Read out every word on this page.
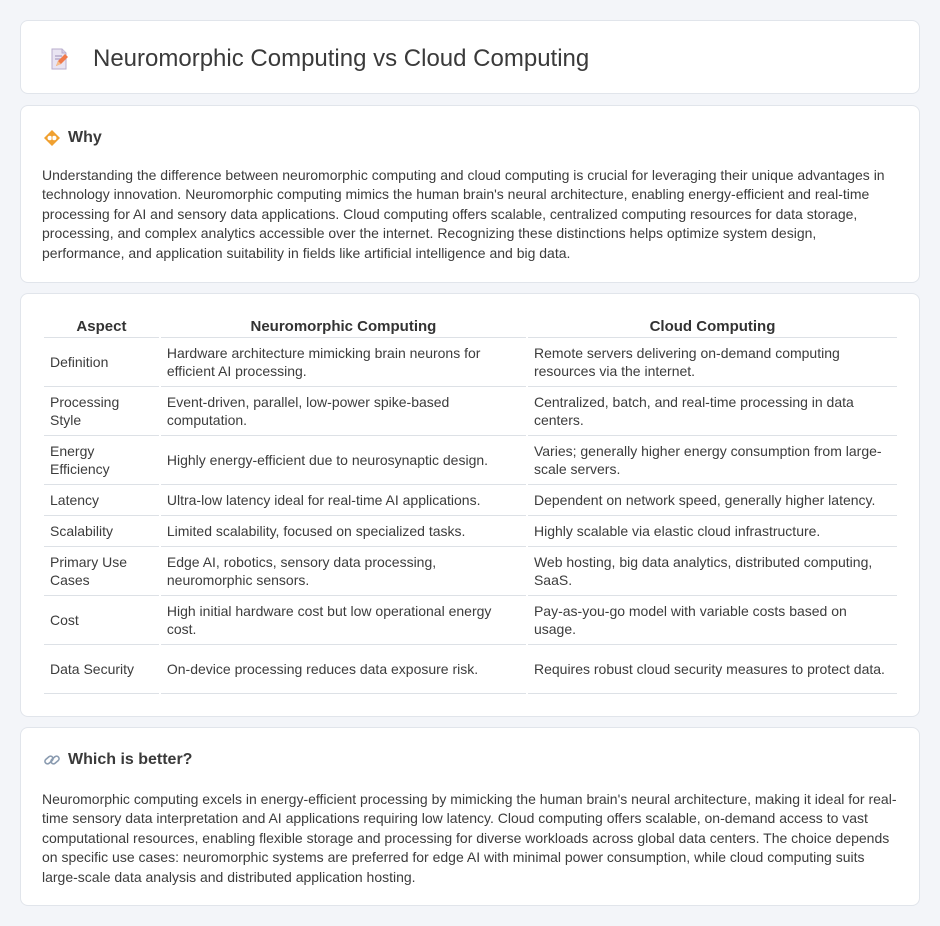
Neuromorphic Computing vs Cloud Computing
Why

Understanding the difference between neuromorphic computing and cloud computing is crucial for leveraging their unique advantages in technology innovation. Neuromorphic computing mimics the human brain's neural architecture, enabling energy-efficient and real-time processing for AI and sensory data applications. Cloud computing offers scalable, centralized computing resources for data storage, processing, and complex analytics accessible over the internet. Recognizing these distinctions helps optimize system design, performance, and application suitability in fields like artificial intelligence and big data.

Aspect	Neuromorphic Computing	Cloud Computing
Definition	Hardware architecture mimicking brain neurons for efficient AI processing.	Remote servers delivering on-demand computing resources via the internet.
Processing Style	Event-driven, parallel, low-power spike-based computation.	Centralized, batch, and real-time processing in data centers.
Energy Efficiency	Highly energy-efficient due to neurosynaptic design.	Varies; generally higher energy consumption from large-scale servers.
Latency	Ultra-low latency ideal for real-time AI applications.	Dependent on network speed, generally higher latency.
Scalability	Limited scalability, focused on specialized tasks.	Highly scalable via elastic cloud infrastructure.
Primary Use Cases	Edge AI, robotics, sensory data processing, neuromorphic sensors.	Web hosting, big data analytics, distributed computing, SaaS.
Cost	High initial hardware cost but low operational energy cost.	Pay-as-you-go model with variable costs based on usage.
Data Security	On-device processing reduces data exposure risk.	Requires robust cloud security measures to protect data.
Which is better?

Neuromorphic computing excels in energy-efficient processing by mimicking the human brain's neural architecture, making it ideal for real-time sensory data interpretation and AI applications requiring low latency. Cloud computing offers scalable, on-demand access to vast computational resources, enabling flexible storage and processing for diverse workloads across global data centers. The choice depends on specific use cases: neuromorphic systems are preferred for edge AI with minimal power consumption, while cloud computing suits large-scale data analysis and distributed application hosting.
